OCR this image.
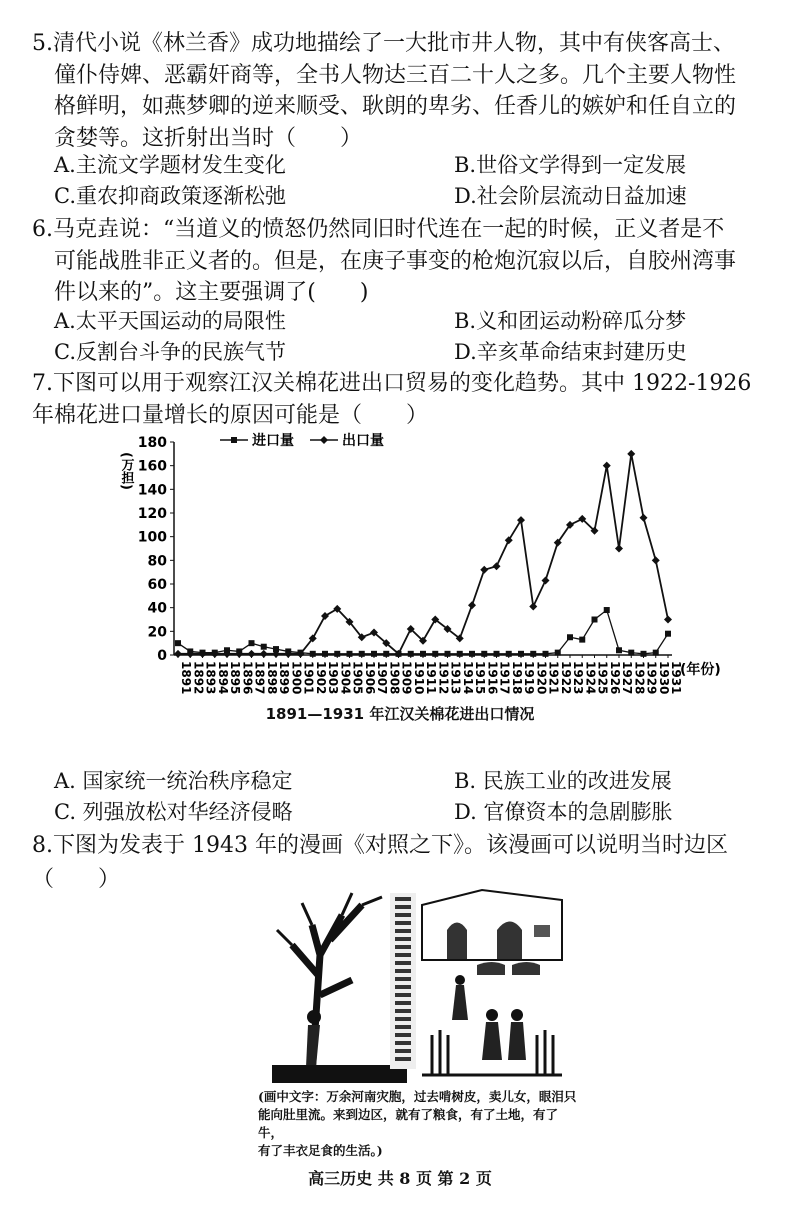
5.清代小说《林兰香》成功地描绘了一大批市井人物，其中有侠客高士、

僮仆侍婢、恶霸奸商等，全书人物达三百二十人之多。几个主要人物性

格鲜明，如燕梦卿的逆来顺受、耿朗的卑劣、任香儿的嫉妒和任自立的

贪婪等。这折射出当时（　　）

A.主流文学题材发生变化	B.世俗文学得到一定发展
C.重农抑商政策逐渐松弛	D.社会阶层流动日益加速

6.马克垚说：“当道义的愤怒仍然同旧时代连在一起的时候，正义者是不

可能战胜非正义者的。但是，在庚子事变的枪炮沉寂以后，自胶州湾事

件以来的”。这主要强调了(　　)

A.太平天国运动的局限性	B.义和团运动粉碎瓜分梦
C.反割台斗争的民族气节	D.辛亥革命结束封建历史

7.下图可以用于观察江汉关棉花进出口贸易的变化趋势。其中 1922-1926

年棉花进口量增长的原因可能是（　　）

0
20
40
60
80
100
120
140
160
180
(万担)
1891
1892
1893
1894
1895
1896
1897
1898
1899
1900
1901
1902
1903
1904
1905
1906
1907
1908
1909
1910
1911
1912
1913
1914
1915
1916
1917
1918
1919
1920
1921
1922
1923
1924
1925
1926
1927
1928
1929
1930
1931
(年份)
进口量	出口量
1891—1931 年江汉关棉花进出口情况
A. 国家统一统治秩序稳定	B. 民族工业的改进发展
C. 列强放松对华经济侵略	D. 官僚资本的急剧膨胀

8.下图为发表于 1943 年的漫画《对照之下》。该漫画可以说明当时边区

（　　）
(画中文字：万余河南灾胞，过去啃树皮，卖儿女，眼泪只
能向肚里流。来到边区，就有了粮食，有了土地，有了牛，
有了丰衣足食的生活。)
高三历史 共 8 页 第 2 页
